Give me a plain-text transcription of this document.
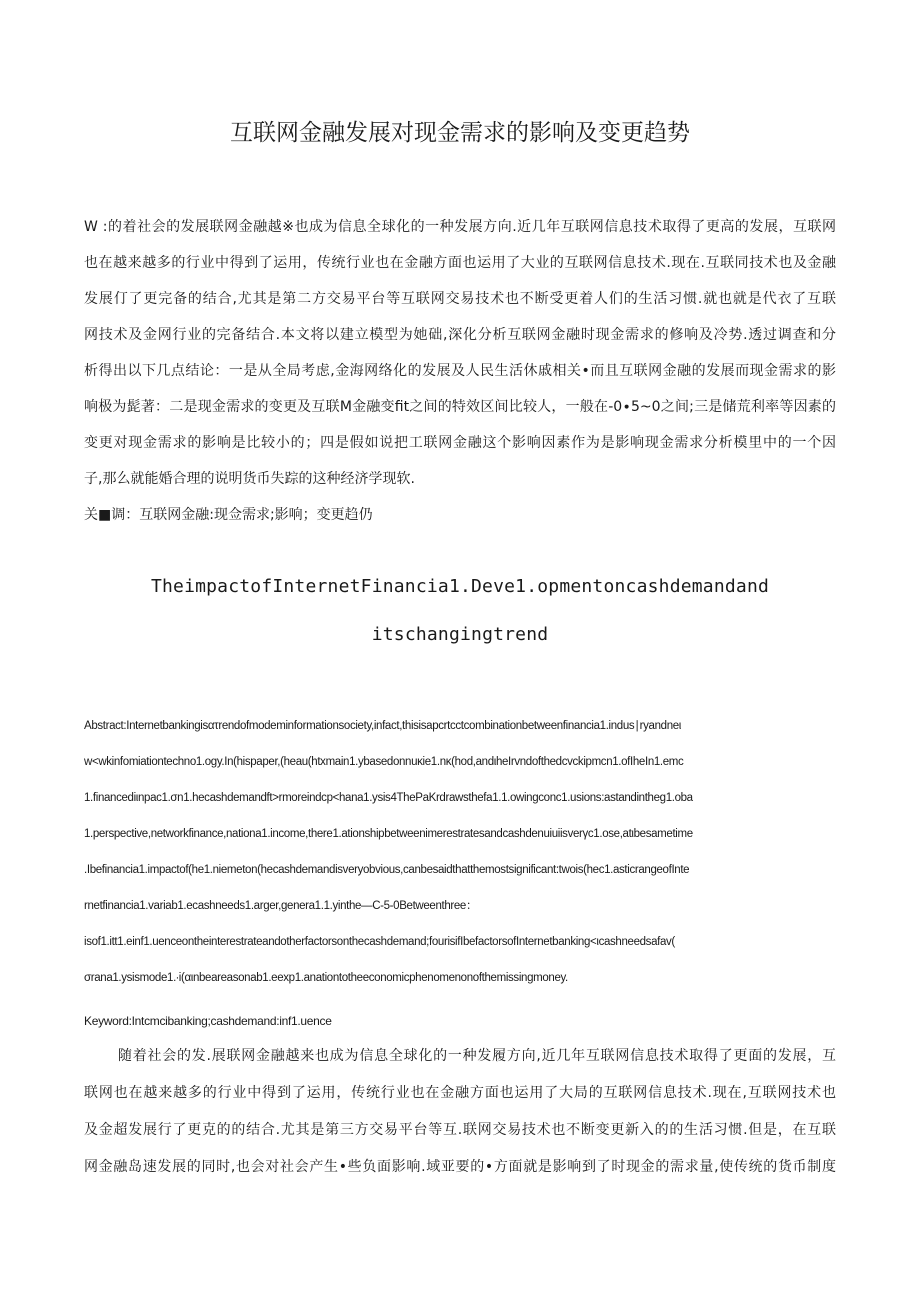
互联网金融发展对现金需求的影响及变更趋势
W :的着社会的发展联网金融越※也成为信息全球化的一种发展方向.近几年互联网信息技术取得了更高的发展，互联网
也在越来越多的行业中得到了运用，传统行业也在金融方面也运用了大业的互联网信息技术.现在.互联同技术也及金融
发展仃了更完备的结合,尤其是第二方交易平台等互联网交易技术也不断受更着人们的生活习惯.就也就是代衣了互联
网技术及金网行业的完备结合.本文将以建立模型为她础,深化分析互联网金融时现金需求的修响及冷势.透过调查和分
析得出以下几点结论：一是从全局考虑,金海网络化的发展及人民生活休戚相关•而且互联网金融的发展而现金需求的影
响极为髭著：二是现金需求的变更及互联M金融变fit之间的特效区间比较人，一般在-0∙5~0之间;三是储荒利率等因素的
变更对现金需求的影响是比较小的；四是假如说把工联网金融这个影响因素作为是影响现金需求分析模里中的一个因
子,那么就能婚合理的说明货币失踪的这种经济学现软.
关■调：互联网金融:现佥需求;影响；变更趋仍
TheimpactofInternetFinancia1.Deve1.opmentoncashdemandand
itschangingtrend
Abstract:Internetbankingisατrendofmodeminformationsociety,infact,thisisapcrtcctcombinationbetweenfinancia1.indus∣ryandneι
w<wkinfomiationtechno1.ogy.In(hispaper,(heau(htxmain1.ybasedonnuκie1.nκ(hod,andιheIrvndofthedcvckipmcn1.ofIheIn1.emc
1.financediιnpac1.σn1.hecashdemandft>rmoreindcp<hana1.ysis4ThePaKrdrawsthefa1.1.owingconc1.usions:astandintheg1.oba
1.perspective,networkfinance,nationa1.income,there1.ationshipbetweenimerestratesandcashdenuiuiisverγc1.ose,atιbesametime
.Ibefinancia1.impactof(he1.niemeton(hecashdemandisveryobvious,canbesaidthatthemostsignificant:twois(hec1.asticrangeofInte
rnetfinancia1.variab1.ecashneeds1.arger,genera1.1.yinthe—C-5-0Betweenthree：
isof1.itt1.einf1.uenceontheinterestrateandotherfactorsonthecashdemand;fourisifIbefactorsofInternetbanking<ιcashneedsafav(
σrana1.ysismode1.∙i(αιnbeareasonab1.eexp1.anationtotheeconomicphenomenonofthemissingmoney.
Keyword:Intcmcibanking;cashdemand:inf1.uence
随着社会的发.展联网金融越来也成为信息全球化的一种发履方向,近几年互联网信息技术取得了更面的发展，互
联网也在越来越多的行业中得到了运用，传统行业也在金融方面也运用了大局的互联网信息技术.现在,互联网技术也
及金超发展行了更克的的结合.尤其是第三方交易平台等互.联网交易技术也不断变更新入的的生活习惯.但是，在互联
网金融岛速发展的同时,也会对社会产生•些负面影响.域亚要的•方面就是影响到了时现金的需求量,使传统的货币制度
